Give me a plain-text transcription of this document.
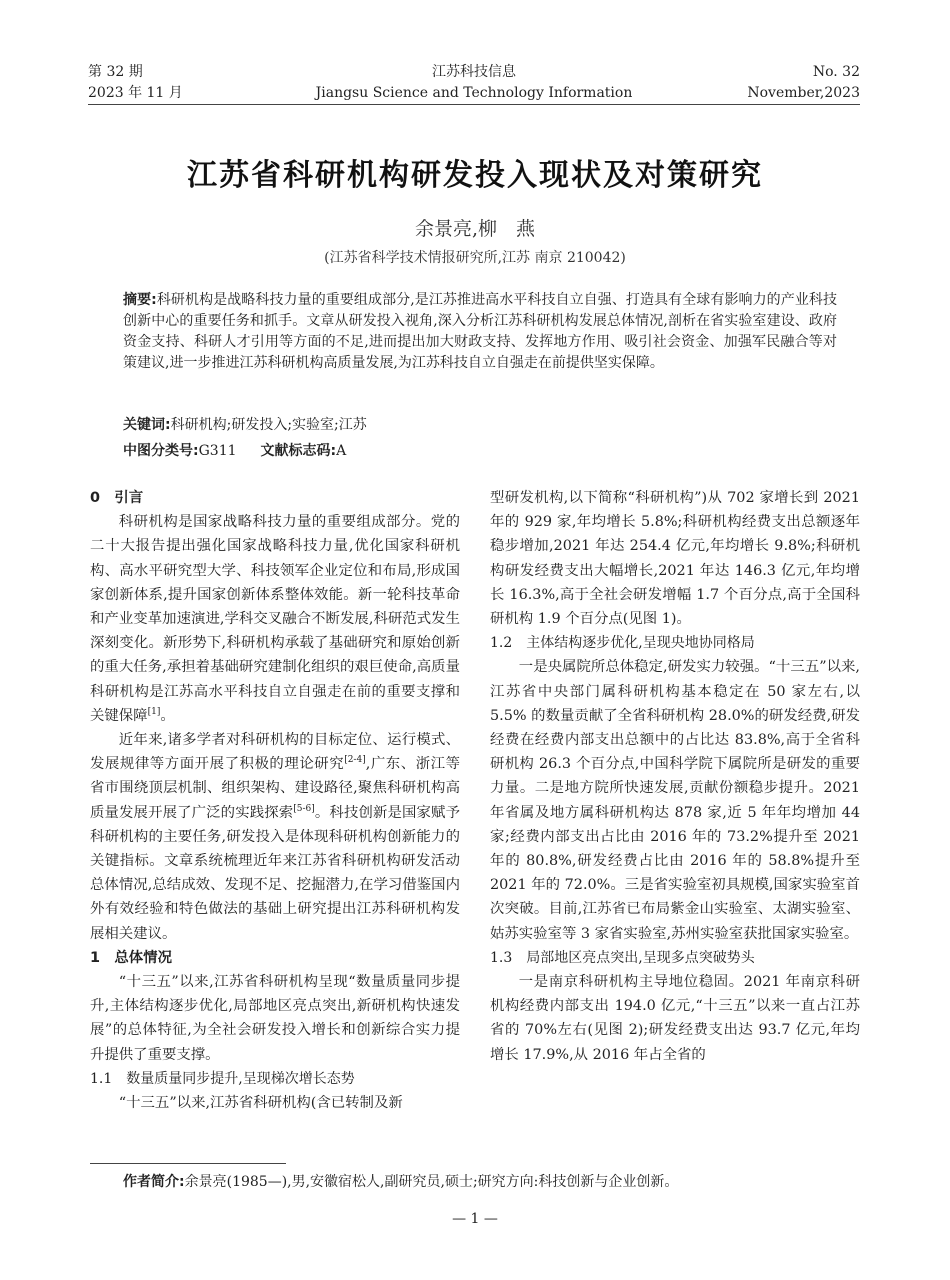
第 32 期
2023 年 11 月
江苏科技信息
Jiangsu Science and Technology Information
No. 32
November,2023
江苏省科研机构研发投入现状及对策研究
余景亮,柳　燕
(江苏省科学技术情报研究所,江苏 南京 210042)
摘要:科研机构是战略科技力量的重要组成部分,是江苏推进高水平科技自立自强、打造具有全球有影响力的产业科技创新中心的重要任务和抓手。文章从研发投入视角,深入分析江苏科研机构发展总体情况,剖析在省实验室建设、政府资金支持、科研人才引用等方面的不足,进而提出加大财政支持、发挥地方作用、吸引社会资金、加强军民融合等对策建议,进一步推进江苏科研机构高质量发展,为江苏科技自立自强走在前提供坚实保障。
关键词:科研机构;研发投入;实验室;江苏
中图分类号:G311 文献标志码:A
0　引言

科研机构是国家战略科技力量的重要组成部分。党的二十大报告提出强化国家战略科技力量,优化国家科研机构、高水平研究型大学、科技领军企业定位和布局,形成国家创新体系,提升国家创新体系整体效能。新一轮科技革命和产业变革加速演进,学科交叉融合不断发展,科研范式发生深刻变化。新形势下,科研机构承载了基础研究和原始创新的重大任务,承担着基础研究建制化组织的艰巨使命,高质量科研机构是江苏高水平科技自立自强走在前的重要支撑和关键保障[1]。

近年来,诸多学者对科研机构的目标定位、运行模式、发展规律等方面开展了积极的理论研究[2-4],广东、浙江等省市围绕顶层机制、组织架构、建设路径,聚焦科研机构高质量发展开展了广泛的实践探索[5-6]。科技创新是国家赋予科研机构的主要任务,研发投入是体现科研机构创新能力的关键指标。文章系统梳理近年来江苏省科研机构研发活动总体情况,总结成效、发现不足、挖掘潜力,在学习借鉴国内外有效经验和特色做法的基础上研究提出江苏科研机构发展相关建议。

1　总体情况

“十三五”以来,江苏省科研机构呈现“数量质量同步提升,主体结构逐步优化,局部地区亮点突出,新研机构快速发展”的总体特征,为全社会研发投入增长和创新综合实力提升提供了重要支撑。

1.1　数量质量同步提升,呈现梯次增长态势

“十三五”以来,江苏省科研机构(含已转制及新

型研发机构,以下简称“科研机构”)从 702 家增长到 2021 年的 929 家,年均增长 5.8%;科研机构经费支出总额逐年稳步增加,2021 年达 254.4 亿元,年均增长 9.8%;科研机构研发经费支出大幅增长,2021 年达 146.3 亿元,年均增长 16.3%,高于全社会研发增幅 1.7 个百分点,高于全国科研机构 1.9 个百分点(见图 1)。

1.2　主体结构逐步优化,呈现央地协同格局

一是央属院所总体稳定,研发实力较强。“十三五”以来,江苏省中央部门属科研机构基本稳定在 50 家左右,以 5.5% 的数量贡献了全省科研机构 28.0%的研发经费,研发经费在经费内部支出总额中的占比达 83.8%,高于全省科研机构 26.3 个百分点,中国科学院下属院所是研发的重要力量。二是地方院所快速发展,贡献份额稳步提升。2021 年省属及地方属科研机构达 878 家,近 5 年年均增加 44 家;经费内部支出占比由 2016 年的 73.2%提升至 2021 年的 80.8%,研发经费占比由 2016 年的 58.8%提升至 2021 年的 72.0%。三是省实验室初具规模,国家实验室首次突破。目前,江苏省已布局紫金山实验室、太湖实验室、姑苏实验室等 3 家省实验室,苏州实验室获批国家实验室。

1.3　局部地区亮点突出,呈现多点突破势头

一是南京科研机构主导地位稳固。2021 年南京科研机构经费内部支出 194.0 亿元,“十三五”以来一直占江苏省的 70%左右(见图 2);研发经费支出达 93.7 亿元,年均增长 17.9%,从 2016 年占全省的

作者简介:余景亮(1985—),男,安徽宿松人,副研究员,硕士;研究方向:科技创新与企业创新。
— 1 —
